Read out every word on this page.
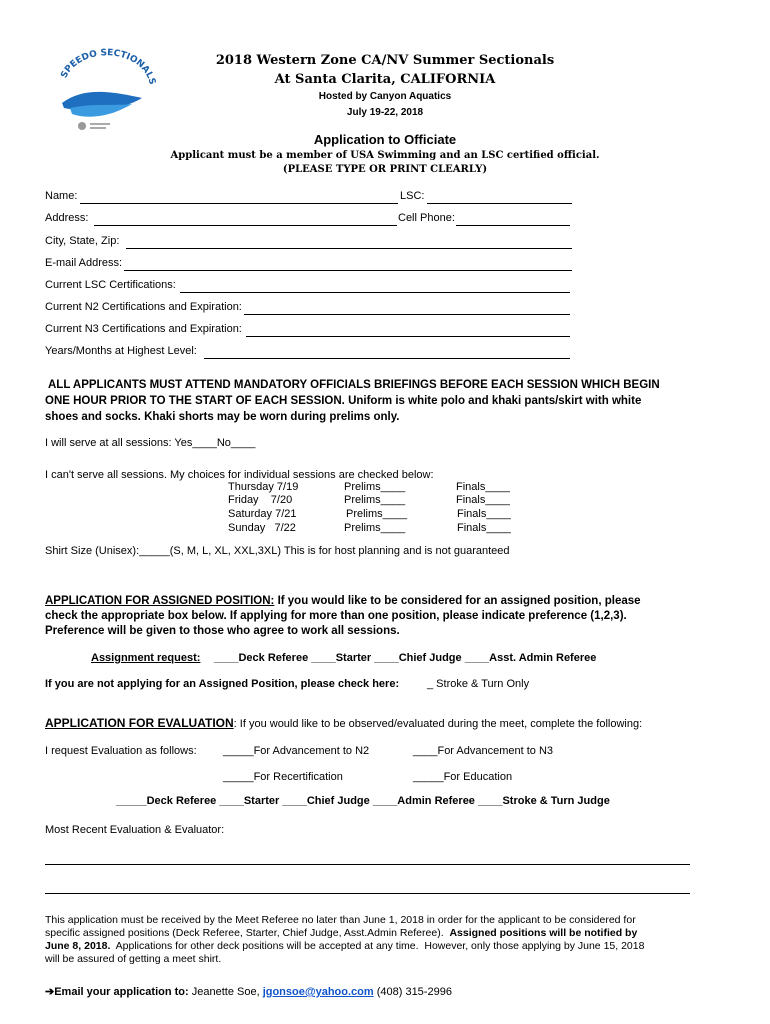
SPEEDO SECTIONALS
2018 Western Zone CA/NV Summer Sectionals
At Santa Clarita, CALIFORNIA
Hosted by Canyon Aquatics
July 19-22, 2018
Application to Officiate
Applicant must be a member of USA Swimming and an LSC certified official.
(PLEASE TYPE OR PRINT CLEARLY)
Name:	LSC:
Address:	Cell Phone:
City, State, Zip:
E-mail Address:
Current LSC Certifications:
Current N2 Certifications and Expiration:
Current N3 Certifications and Expiration:
Years/Months at Highest Level:
ALL APPLICANTS MUST ATTEND MANDATORY OFFICIALS BRIEFINGS BEFORE EACH SESSION WHICH BEGIN
ONE HOUR PRIOR TO THE START OF EACH SESSION. Uniform is white polo and khaki pants/skirt with white
shoes and socks. Khaki shorts may be worn during prelims only.
I will serve at all sessions: Yes____No____
I can't serve all sessions. My choices for individual sessions are checked below:
Thursday 7/19	Prelims____	Finals____
Friday    7/20	Prelims____	Finals____
Saturday 7/21	Prelims____	Finals____
Sunday   7/22	Prelims____	Finals____
Shirt Size (Unisex):_____(S, M, L, XL, XXL,3XL) This is for host planning and is not guaranteed
APPLICATION FOR ASSIGNED POSITION: If you would like to be considered for an assigned position, please
check the appropriate box below. If applying for more than one position, please indicate preference (1,2,3).
Preference will be given to those who agree to work all sessions.
Assignment request: ____Deck Referee ____Starter ____Chief Judge ____Asst. Admin Referee
If you are not applying for an Assigned Position, please check here:	_ Stroke & Turn Only
APPLICATION FOR EVALUATION: If you would like to be observed/evaluated during the meet, complete the following:
I request Evaluation as follows: _____For Advancement to N2	____For Advancement to N3
_____For Recertification	_____For Education
_____Deck Referee ____Starter ____Chief Judge ____Admin Referee ____Stroke & Turn Judge
Most Recent Evaluation & Evaluator:
This application must be received by the Meet Referee no later than June 1, 2018 in order for the applicant to be considered for
specific assigned positions (Deck Referee, Starter, Chief Judge, Asst.Admin Referee).  Assigned positions will be notified by
June 8, 2018.  Applications for other deck positions will be accepted at any time.  However, only those applying by June 15, 2018
will be assured of getting a meet shirt.
➔Email your application to: Jeanette Soe, jgonsoe@yahoo.com (408) 315-2996
